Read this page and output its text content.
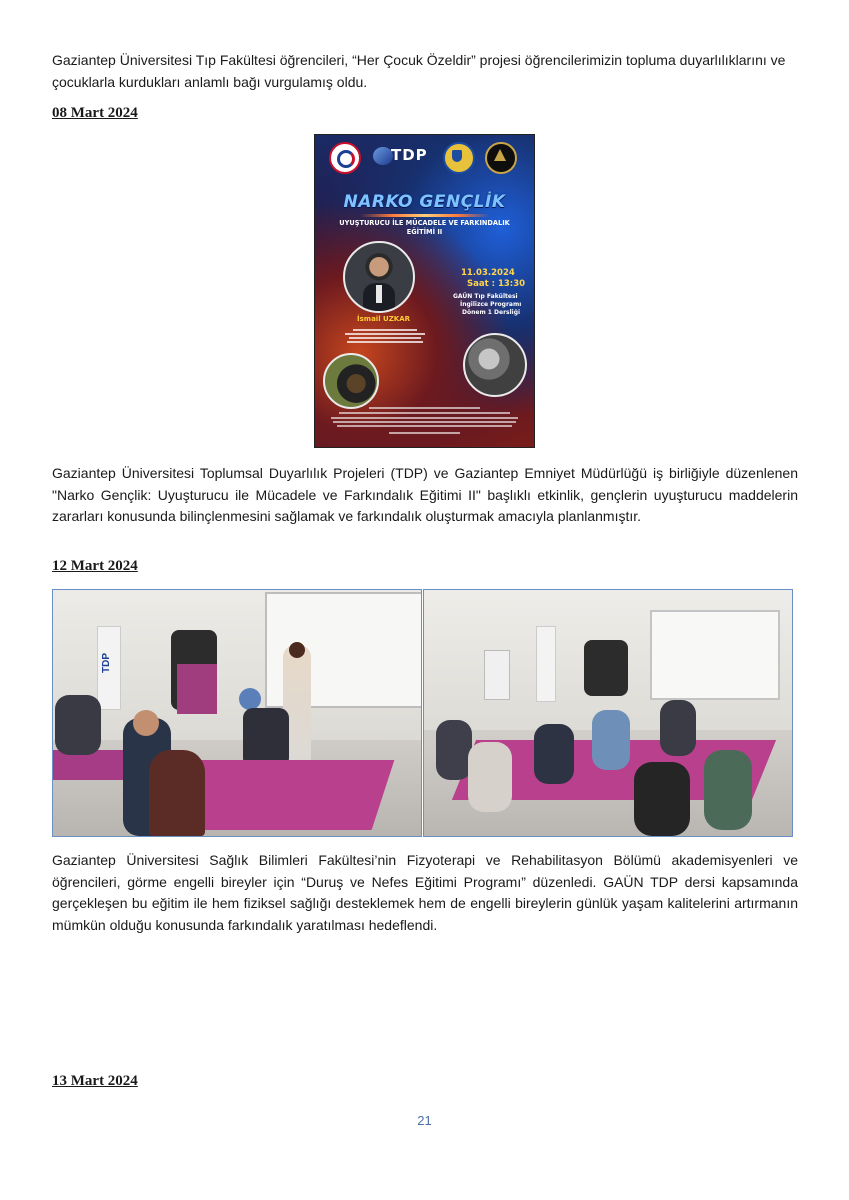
Gaziantep Üniversitesi Tıp Fakültesi öğrencileri, “Her Çocuk Özeldir” projesi öğrencilerimizin topluma duyarlılıklarını ve çocuklarla kurdukları anlamlı bağı vurgulamış oldu.

08 Mart 2024

TDP
NARKO GENÇLİK
UYUŞTURUCU İLE MÜCADELE VE FARKINDALIK
EĞİTİMİ II
11.03.2024
Saat : 13:30
GAÜN Tıp Fakültesi
İngilizce Programı
Dönem 1 Dersliği
İsmail UZKAR

Gaziantep Üniversitesi Toplumsal Duyarlılık Projeleri (TDP) ve Gaziantep Emniyet Müdürlüğü iş birliğiyle düzenlenen "Narko Gençlik: Uyuşturucu ile Mücadele ve Farkındalık Eğitimi II" başlıklı etkinlik, gençlerin uyuşturucu maddelerin zararları konusunda bilinçlenmesini sağlamak ve farkındalık oluşturmak amacıyla planlanmıştır.

12 Mart 2024

TDP

Gaziantep Üniversitesi Sağlık Bilimleri Fakültesi’nin Fizyoterapi ve Rehabilitasyon Bölümü akademisyenleri ve öğrencileri, görme engelli bireyler için “Duruş ve Nefes Eğitimi Programı” düzenledi. GAÜN TDP dersi kapsamında gerçekleşen bu eğitim ile hem fiziksel sağlığı desteklemek hem de engelli bireylerin günlük yaşam kalitelerini artırmanın mümkün olduğu konusunda farkındalık yaratılması hedeflendi.

13 Mart 2024

21
